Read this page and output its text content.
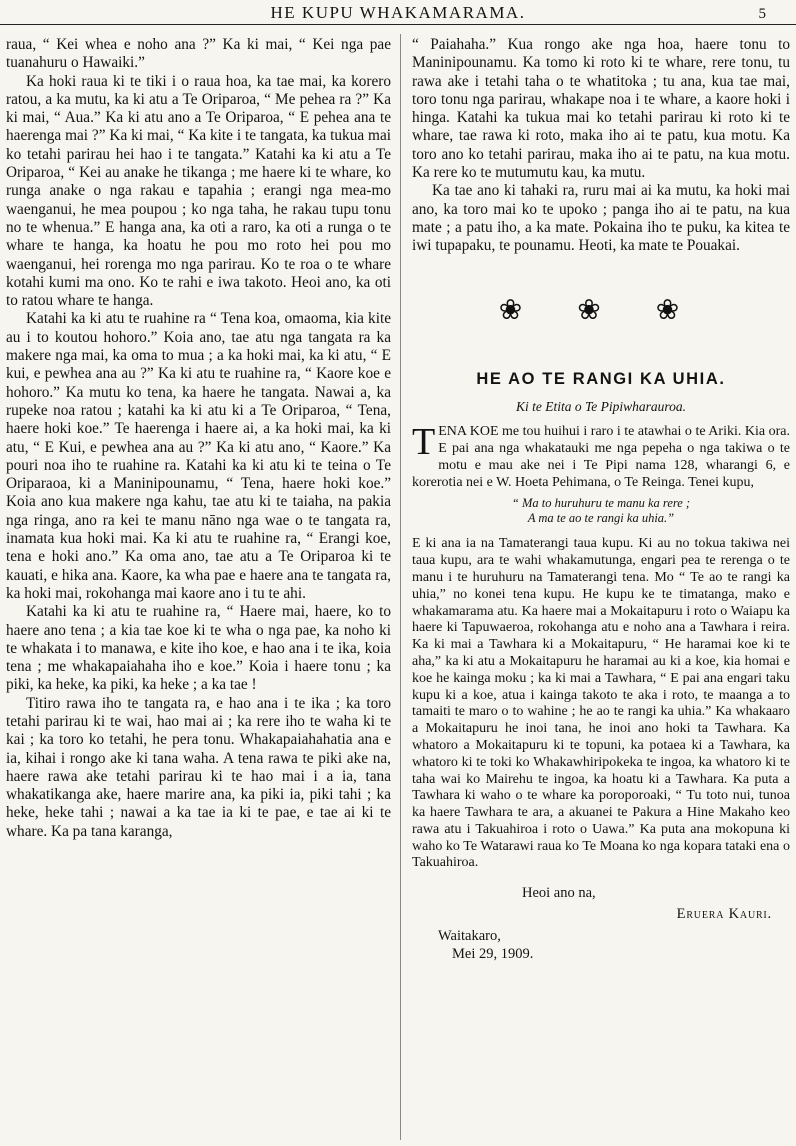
HE KUPU WHAKAMARAMA.	5

raua, “ Kei whea e noho ana ?” Ka ki mai, “ Kei nga pae tuanahuru o Hawaiki.”

Ka hoki raua ki te tiki i o raua hoa, ka tae mai, ka korero ratou, a ka mutu, ka ki atu a Te Oriparoa, “ Me pehea ra ?” Ka ki mai, “ Aua.” Ka ki atu ano a Te Oriparoa, “ E pehea ana te haerenga mai ?” Ka ki mai, “ Ka kite i te tangata, ka tukua mai ko tetahi parirau hei hao i te tangata.” Katahi ka ki atu a Te Oriparoa, “ Kei au anake he tikanga ; me haere ki te whare, ko runga anake o nga rakau e tapahia ; erangi nga mea-mo waenganui, he mea poupou ; ko nga taha, he rakau tupu tonu no te whenua.” E hanga ana, ka oti a raro, ka oti a runga o te whare te hanga, ka hoatu he pou mo roto hei pou mo waenganui, hei rorenga mo nga parirau. Ko te roa o te whare kotahi kumi ma ono. Ko te rahi e iwa takoto. Heoi ano, ka oti to ratou whare te hanga.

Katahi ka ki atu te ruahine ra “ Tena koa, omaoma, kia kite au i to koutou hohoro.” Koia ano, tae atu nga tangata ra ka makere nga mai, ka oma to mua ; a ka hoki mai, ka ki atu, “ E kui, e pewhea ana au ?” Ka ki atu te ruahine ra, “ Kaore koe e hohoro.” Ka mutu ko tena, ka haere he tangata. Nawai a, ka rupeke noa ratou ; katahi ka ki atu ki a Te Oriparoa, “ Tena, haere hoki koe.” Te haerenga i haere ai, a ka hoki mai, ka ki atu, “ E Kui, e pewhea ana au ?” Ka ki atu ano, “ Kaore.” Ka pouri noa iho te ruahine ra. Katahi ka ki atu ki te teina o Te Oriparaoa, ki a Maninipounamu, “ Tena, haere hoki koe.” Koia ano kua makere nga kahu, tae atu ki te taiaha, na pakia nga ringa, ano ra kei te manu nāno nga wae o te tangata ra, inamata kua hoki mai. Ka ki atu te ruahine ra, “ Erangi koe, tena e hoki ano.” Ka oma ano, tae atu a Te Oriparoa ki te kauati, e hika ana. Kaore, ka wha pae e haere ana te tangata ra, ka hoki mai, rokohanga mai kaore ano i tu te ahi.

Katahi ka ki atu te ruahine ra, “ Haere mai, haere, ko to haere ano tena ; a kia tae koe ki te wha o nga pae, ka noho ki te whakata i to manawa, e kite iho koe, e hao ana i te ika, koia tena ; me whakapaiahaha iho e koe.” Koia i haere tonu ; ka piki, ka heke, ka piki, ka heke ; a ka tae !

Titiro rawa iho te tangata ra, e hao ana i te ika ; ka toro tetahi parirau ki te wai, hao mai ai ; ka rere iho te waha ki te kai ; ka toro ko tetahi, he pera tonu. Whakapaiahahatia ana e ia, kihai i rongo ake ki tana waha. A tena rawa te piki ake na, haere rawa ake tetahi parirau ki te hao mai i a ia, tana whakatikanga ake, haere marire ana, ka piki ia, piki tahi ; ka heke, heke tahi ; nawai a ka tae ia ki te pae, e tae ai ki te whare. Ka pa tana karanga,

“ Paiahaha.” Kua rongo ake nga hoa, haere tonu to Maninipounamu. Ka tomo ki roto ki te whare, rere tonu, tu rawa ake i tetahi taha o te whatitoka ; tu ana, kua tae mai, toro tonu nga parirau, whakape noa i te whare, a kaore hoki i hinga. Katahi ka tukua mai ko tetahi parirau ki roto ki te whare, tae rawa ki roto, maka iho ai te patu, kua motu. Ka toro ano ko tetahi parirau, maka iho ai te patu, na kua motu. Ka rere ko te mutumutu kau, ka mutu.

Ka tae ano ki tahaki ra, ruru mai ai ka mutu, ka hoki mai ano, ka toro mai ko te upoko ; panga iho ai te patu, na kua mate ; a patu iho, a ka mate. Pokaina iho te puku, ka kitea te iwi tupapaku, te pounamu. Heoti, ka mate te Pouakai.

❀ ❀ ❀
HE AO TE RANGI KA UHIA.
Ki te Etita o Te Pipiwharauroa.

T ENA KOE me tou huihui i raro i te atawhai o te Ariki. Kia ora. E pai ana nga whakatauki me nga pepeha o nga takiwa o te motu e mau ake nei i Te Pipi nama 128, wharangi 6, e korerotia nei e W. Hoeta Pehimana, o Te Reinga. Tenei kupu,

“ Ma to huruhuru te manu ka rere ;
A ma te ao te rangi ka uhia.”

E ki ana ia na Tamaterangi taua kupu. Ki au no tokua takiwa nei taua kupu, ara te wahi whakamutunga, engari pea te rerenga o te manu i te huruhuru na Tamaterangi tena. Mo “ Te ao te rangi ka uhia,” no konei tena kupu. He kupu ke te timatanga, mako e whakamarama atu. Ka haere mai a Mokaitapuru i roto o Waiapu ka haere ki Tapuwaeroa, rokohanga atu e noho ana a Tawhara i reira. Ka ki mai a Tawhara ki a Mokaitapuru, “ He haramai koe ki te aha,” ka ki atu a Mokaitapuru he haramai au ki a koe, kia homai e koe he kainga moku ; ka ki mai a Tawhara, “ E pai ana engari taku kupu ki a koe, atua i kainga takoto te aka i roto, te maanga a to tamaiti te maro o to wahine ; he ao te rangi ka uhia.” Ka whakaaro a Mokaitapuru he inoi tana, he inoi ano hoki ta Tawhara. Ka whatoro a Mokaitapuru ki te topuni, ka potaea ki a Tawhara, ka whatoro ki te toki ko Whakawhiripokeka te ingoa, ka whatoro ki te taha wai ko Mairehu te ingoa, ka hoatu ki a Tawhara. Ka puta a Tawhara ki waho o te whare ka poroporoaki, “ Tu toto nui, tunoa ka haere Tawhara te ara, a akuanei te Pakura a Hine Makaho keo rawa atu i Takuahiroa i roto o Uawa.” Ka puta ana mokopuna ki waho ko Te Watarawi raua ko Te Moana ko nga kopara tataki ena o Takuahiroa.

Heoi ano na,
Eruera Kauri.
Waitakaro,
Mei 29, 1909.
